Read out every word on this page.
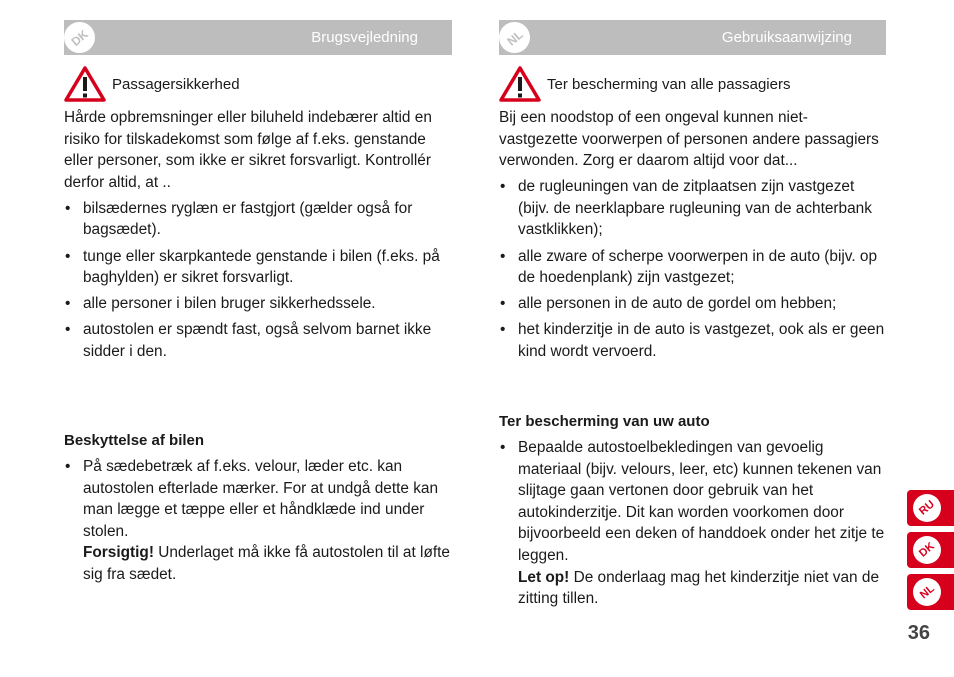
DK	Brugsvejledning
Passagersikkerhed

Hårde opbremsninger eller biluheld indebærer altid en risiko for tilskadekomst som følge af f.eks. genstande eller personer, som ikke er sikret forsvarligt. Kontrollér derfor altid, at ..

• bilsædernes ryglæn er fastgjort (gælder også for bagsædet).
• tunge eller skarpkantede genstande i bilen (f.eks. på baghylden) er sikret forsvarligt.
• alle personer i bilen bruger sikkerhedssele.
• autostolen er spændt fast, også selvom barnet ikke sidder i den.

Beskyttelse af bilen

• På sædebetræk af f.eks. velour, læder etc. kan autostolen efterlade mærker. For at undgå dette kan man lægge et tæppe eller et håndklæde ind under stolen.
Forsigtig! Underlaget må ikke få autostolen til at løfte sig fra sædet.
NL	Gebruiksaanwijzing
Ter bescherming van alle passagiers

Bij een noodstop of een ongeval kunnen niet-vastgezette voorwerpen of personen andere passagiers verwonden. Zorg er daarom altijd voor dat...

• de rugleuningen van de zitplaatsen zijn vastgezet (bijv. de neerklapbare rugleuning van de achterbank vastklikken);
• alle zware of scherpe voorwerpen in de auto (bijv. op de hoedenplank) zijn vastgezet;
• alle personen in de auto de gordel om hebben;
• het kinderzitje in de auto is vastgezet, ook als er geen kind wordt vervoerd.

Ter bescherming van uw auto

• Bepaalde autostoelbekledingen van gevoelig materiaal (bijv. velours, leer, etc) kunnen tekenen van slijtage gaan vertonen door gebruik van het autokinderzitje. Dit kan worden voorkomen door bijvoorbeeld een deken of handdoek onder het zitje te leggen.
Let op! De onderlaag mag het kinderzitje niet van de zitting tillen.
RU
DK
NL
36
